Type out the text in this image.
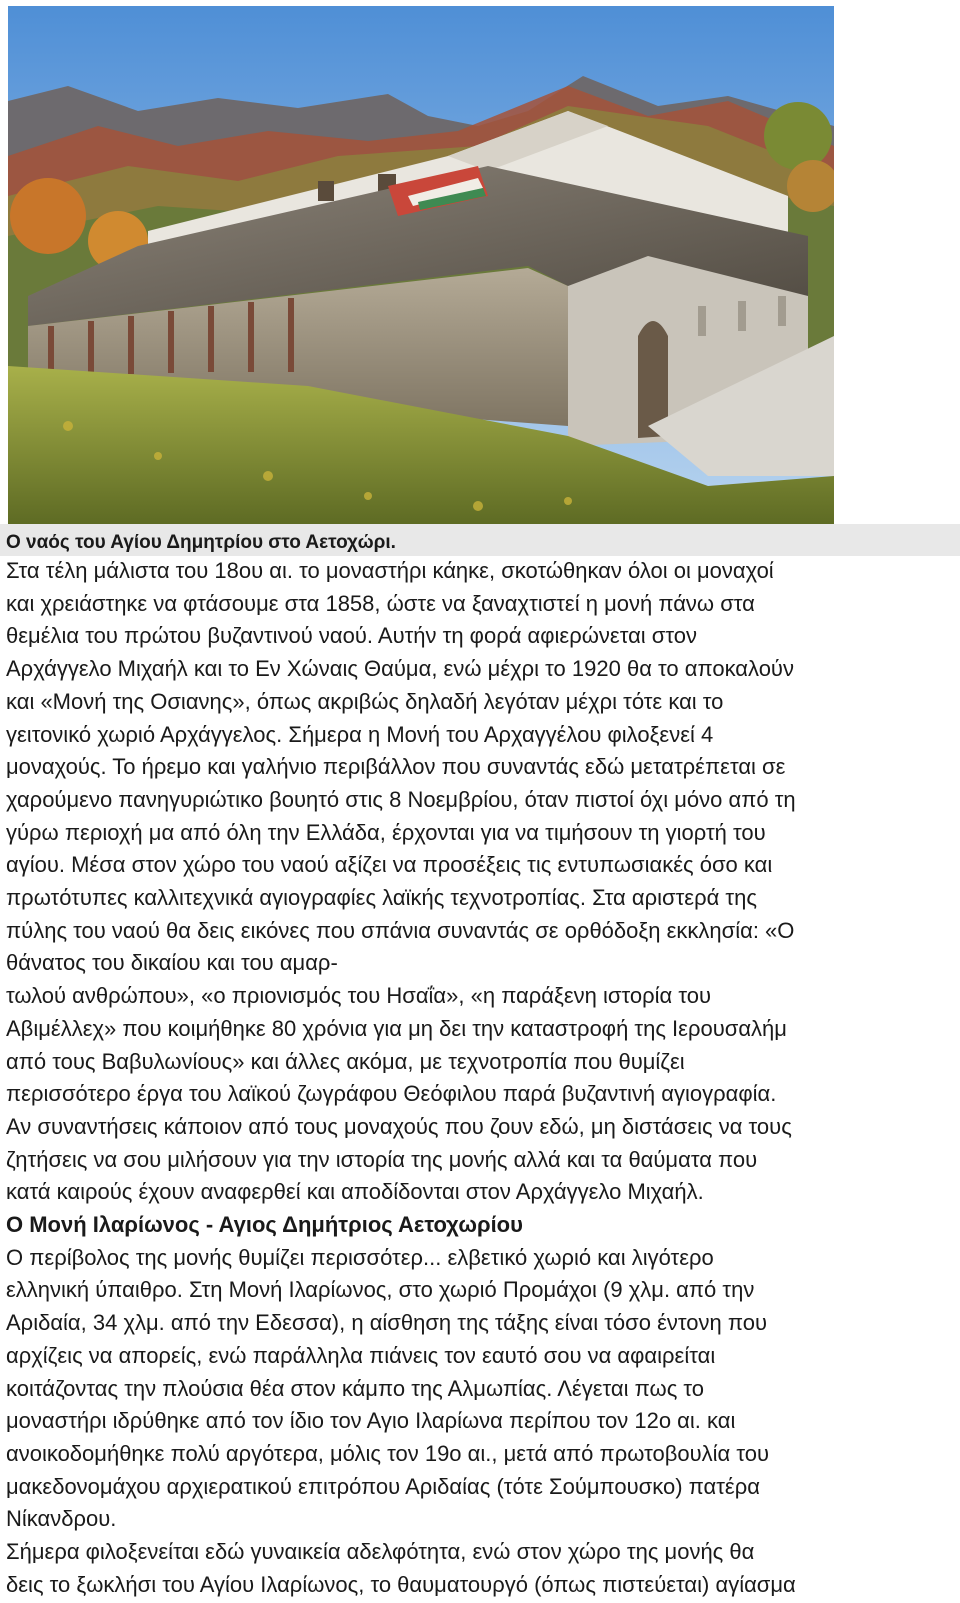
Ο ναός του Αγίου Δημητρίου στο Αετοχώρι.

Στα τέλη μάλιστα του 18ου αι. το μοναστήρι κάηκε, σκοτώθηκαν όλοι οι μοναχοί
και χρειάστηκε να φτάσουμε στα 1858, ώστε να ξαναχτιστεί η μονή πάνω στα
θεμέλια του πρώτου βυζαντινού ναού. Αυτήν τη φορά αφιερώνεται στον
Αρχάγγελο Μιχαήλ και το Εν Χώναις Θαύμα, ενώ μέχρι το 1920 θα το αποκαλούν
και «Μονή της Οσιανης», όπως ακριβώς δηλαδή λεγόταν μέχρι τότε και το
γειτονικό χωριό Αρχάγγελος. Σήμερα η Μονή του Αρχαγγέλου φιλοξενεί 4
μοναχούς. Το ήρεμο και γαλήνιο περιβάλλον που συναντάς εδώ μετατρέπεται σε
χαρούμενο πανηγυριώτικο βουητό στις 8 Νοεμβρίου, όταν πιστοί όχι μόνο από τη
γύρω περιοχή μα από όλη την Ελλάδα, έρχονται για να τιμήσουν τη γιορτή του
αγίου. Μέσα στον χώρο του ναού αξίζει να προσέξεις τις εντυπωσιακές όσο και
πρωτότυπες καλλιτεχνικά αγιογραφίες λαϊκής τεχνοτροπίας. Στα αριστερά της
πύλης του ναού θα δεις εικόνες που σπάνια συναντάς σε ορθόδοξη εκκλησία: «Ο
θάνατος του δικαίου και του αμαρ-
τωλού ανθρώπου», «ο πριονισμός του Ησαΐα», «η παράξενη ιστορία του
Αβιμέλλεχ» που κοιμήθηκε 80 χρόνια για μη δει την καταστροφή της Ιερουσαλήμ
από τους Βαβυλωνίους» και άλλες ακόμα, με τεχνοτροπία που θυμίζει
περισσότερο έργα του λαϊκού ζωγράφου Θεόφιλου παρά βυζαντινή αγιογραφία.
Αν συναντήσεις κάποιον από τους μοναχούς που ζουν εδώ, μη διστάσεις να τους
ζητήσεις να σου μιλήσουν για την ιστορία της μονής αλλά και τα θαύματα που
κατά καιρούς έχουν αναφερθεί και αποδίδονται στον Αρχάγγελο Μιχαήλ.

Ο Μονή Ιλαρίωνος - Αγιος Δημήτριος Αετοχωρίου

Ο περίβολος της μονής θυμίζει περισσότερ... ελβετικό χωριό και λιγότερο
ελληνική ύπαιθρο. Στη Μονή Ιλαρίωνος, στο χωριό Προμάχοι (9 χλμ. από την
Αριδαία, 34 χλμ. από την Εδεσσα), η αίσθηση της τάξης είναι τόσο έντονη που
αρχίζεις να απορείς, ενώ παράλληλα πιάνεις τον εαυτό σου να αφαιρείται
κοιτάζοντας την πλούσια θέα στον κάμπο της Αλμωπίας. Λέγεται πως το
μοναστήρι ιδρύθηκε από τον ίδιο τον Αγιο Ιλαρίωνα περίπου τον 12ο αι. και
ανοικοδομήθηκε πολύ αργότερα, μόλις τον 19ο αι., μετά από πρωτοβουλία του
μακεδονομάχου αρχιερατικού επιτρόπου Αριδαίας (τότε Σούμπουσκο) πατέρα
Νίκανδρου.

Σήμερα φιλοξενείται εδώ γυναικεία αδελφότητα, ενώ στον χώρο της μονής θα
δεις το ξωκλήσι του Αγίου Ιλαρίωνος, το θαυματουργό (όπως πιστεύεται) αγίασμα
